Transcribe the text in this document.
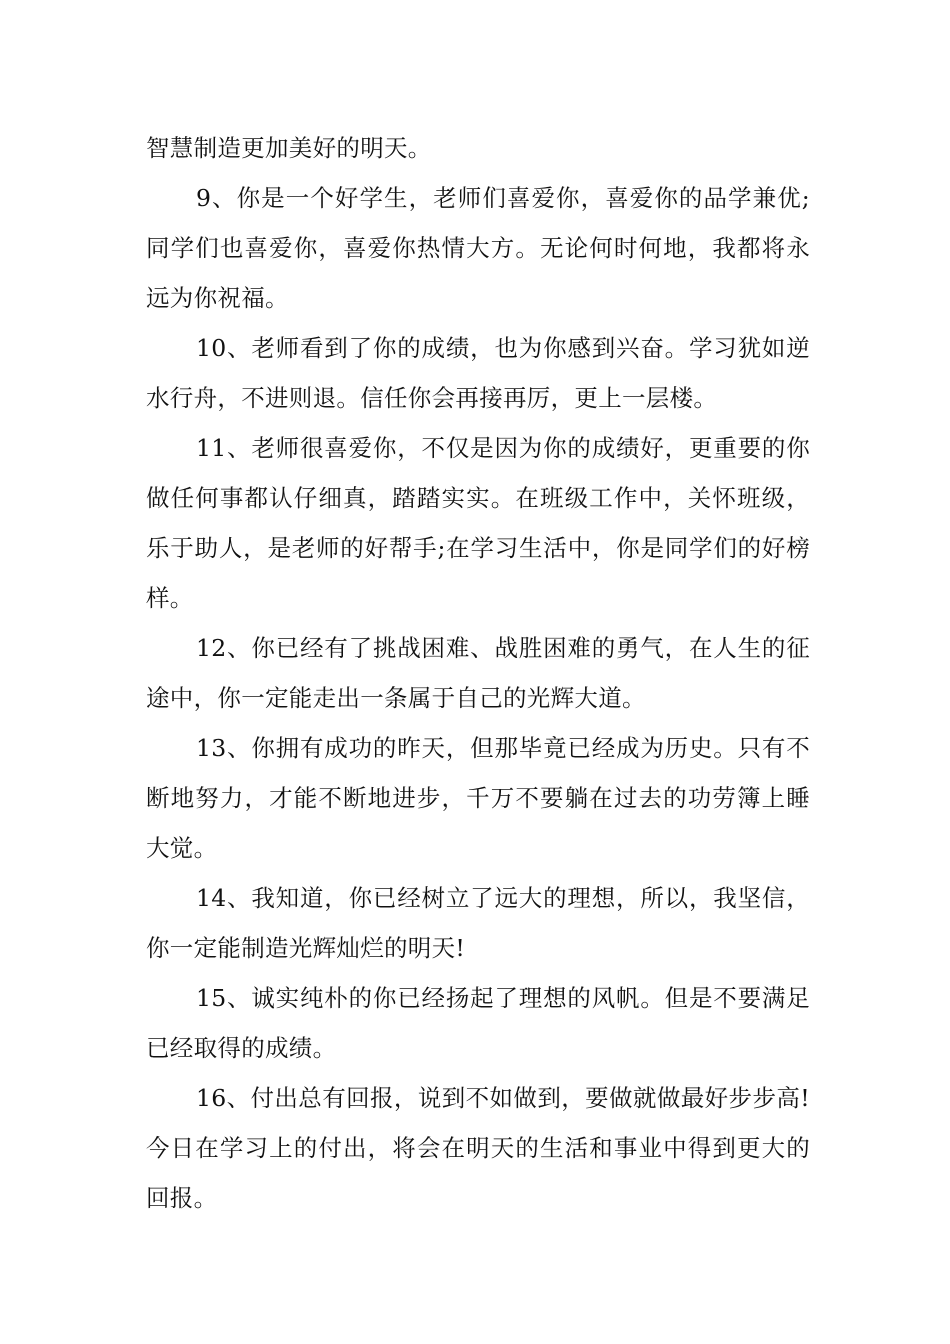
智慧制造更加美好的明天。

9、你是一个好学生，老师们喜爱你，喜爱你的品学兼优;同学们也喜爱你，喜爱你热情大方。无论何时何地，我都将永远为你祝福。

10、老师看到了你的成绩，也为你感到兴奋。学习犹如逆水行舟，不进则退。信任你会再接再厉，更上一层楼。

11、老师很喜爱你，不仅是因为你的成绩好，更重要的你做任何事都认仔细真，踏踏实实。在班级工作中，关怀班级，乐于助人，是老师的好帮手;在学习生活中，你是同学们的好榜样。

12、你已经有了挑战困难、战胜困难的勇气，在人生的征途中，你一定能走出一条属于自己的光辉大道。

13、你拥有成功的昨天，但那毕竟已经成为历史。只有不断地努力，才能不断地进步，千万不要躺在过去的功劳簿上睡大觉。

14、我知道，你已经树立了远大的理想，所以，我坚信，你一定能制造光辉灿烂的明天!

15、诚实纯朴的你已经扬起了理想的风帆。但是不要满足已经取得的成绩。

16、付出总有回报，说到不如做到，要做就做最好步步高!今日在学习上的付出，将会在明天的生活和事业中得到更大的回报。
